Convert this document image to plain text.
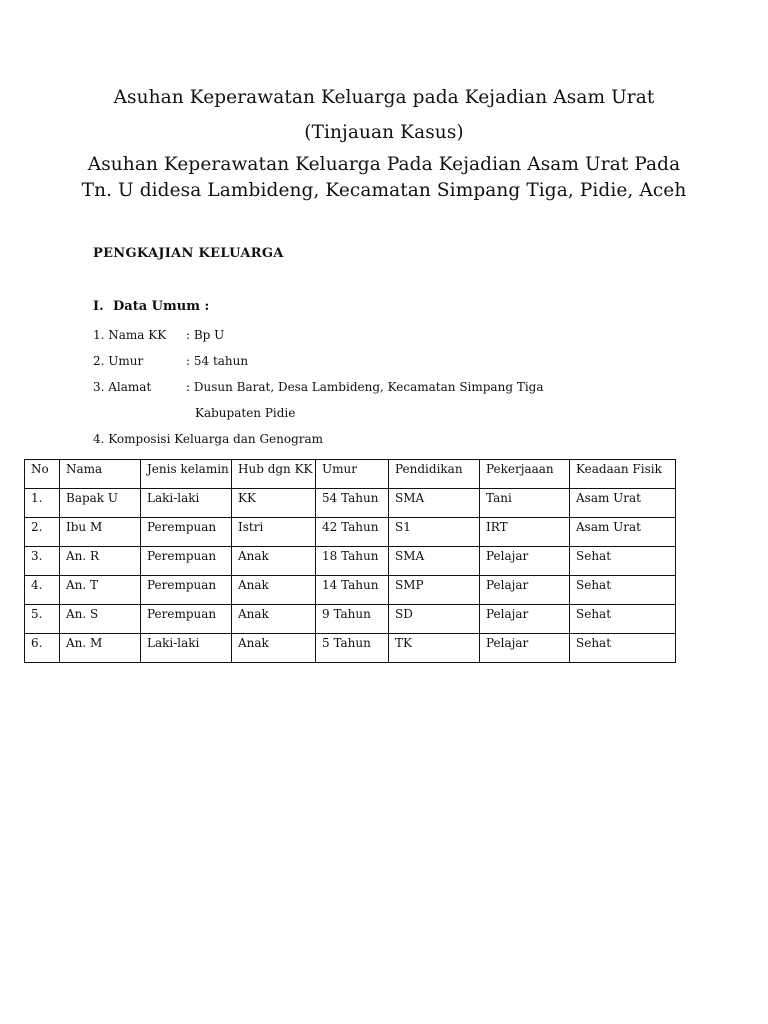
Asuhan Keperawatan Keluarga pada Kejadian Asam Urat
(Tinjauan Kasus)
Asuhan Keperawatan Keluarga Pada Kejadian Asam Urat Pada
Tn. U didesa Lambideng, Kecamatan Simpang Tiga, Pidie, Aceh
PENGKAJIAN KELUARGA
I. Data Umum :
1. Nama KK : Bp U
2. Umur	: 54 tahun
3. Alamat	: Dusun Barat, Desa Lambideng, Kecamatan Simpang Tiga
Kabupaten Pidie
4. Komposisi Keluarga dan Genogram
No	Nama	Jenis kelamin	Hub dgn KK	Umur	Pendidikan	Pekerjaaan	Keadaan Fisik
1.	Bapak U	Laki-laki	KK	54 Tahun	SMA	Tani	Asam Urat
2.	Ibu M	Perempuan	Istri	42 Tahun	S1	IRT	Asam Urat
3.	An. R	Perempuan	Anak	18 Tahun	SMA	Pelajar	Sehat
4.	An. T	Perempuan	Anak	14 Tahun	SMP	Pelajar	Sehat
5.	An. S	Perempuan	Anak	9 Tahun	SD	Pelajar	Sehat
6.	An. M	Laki-laki	Anak	5 Tahun	TK	Pelajar	Sehat
